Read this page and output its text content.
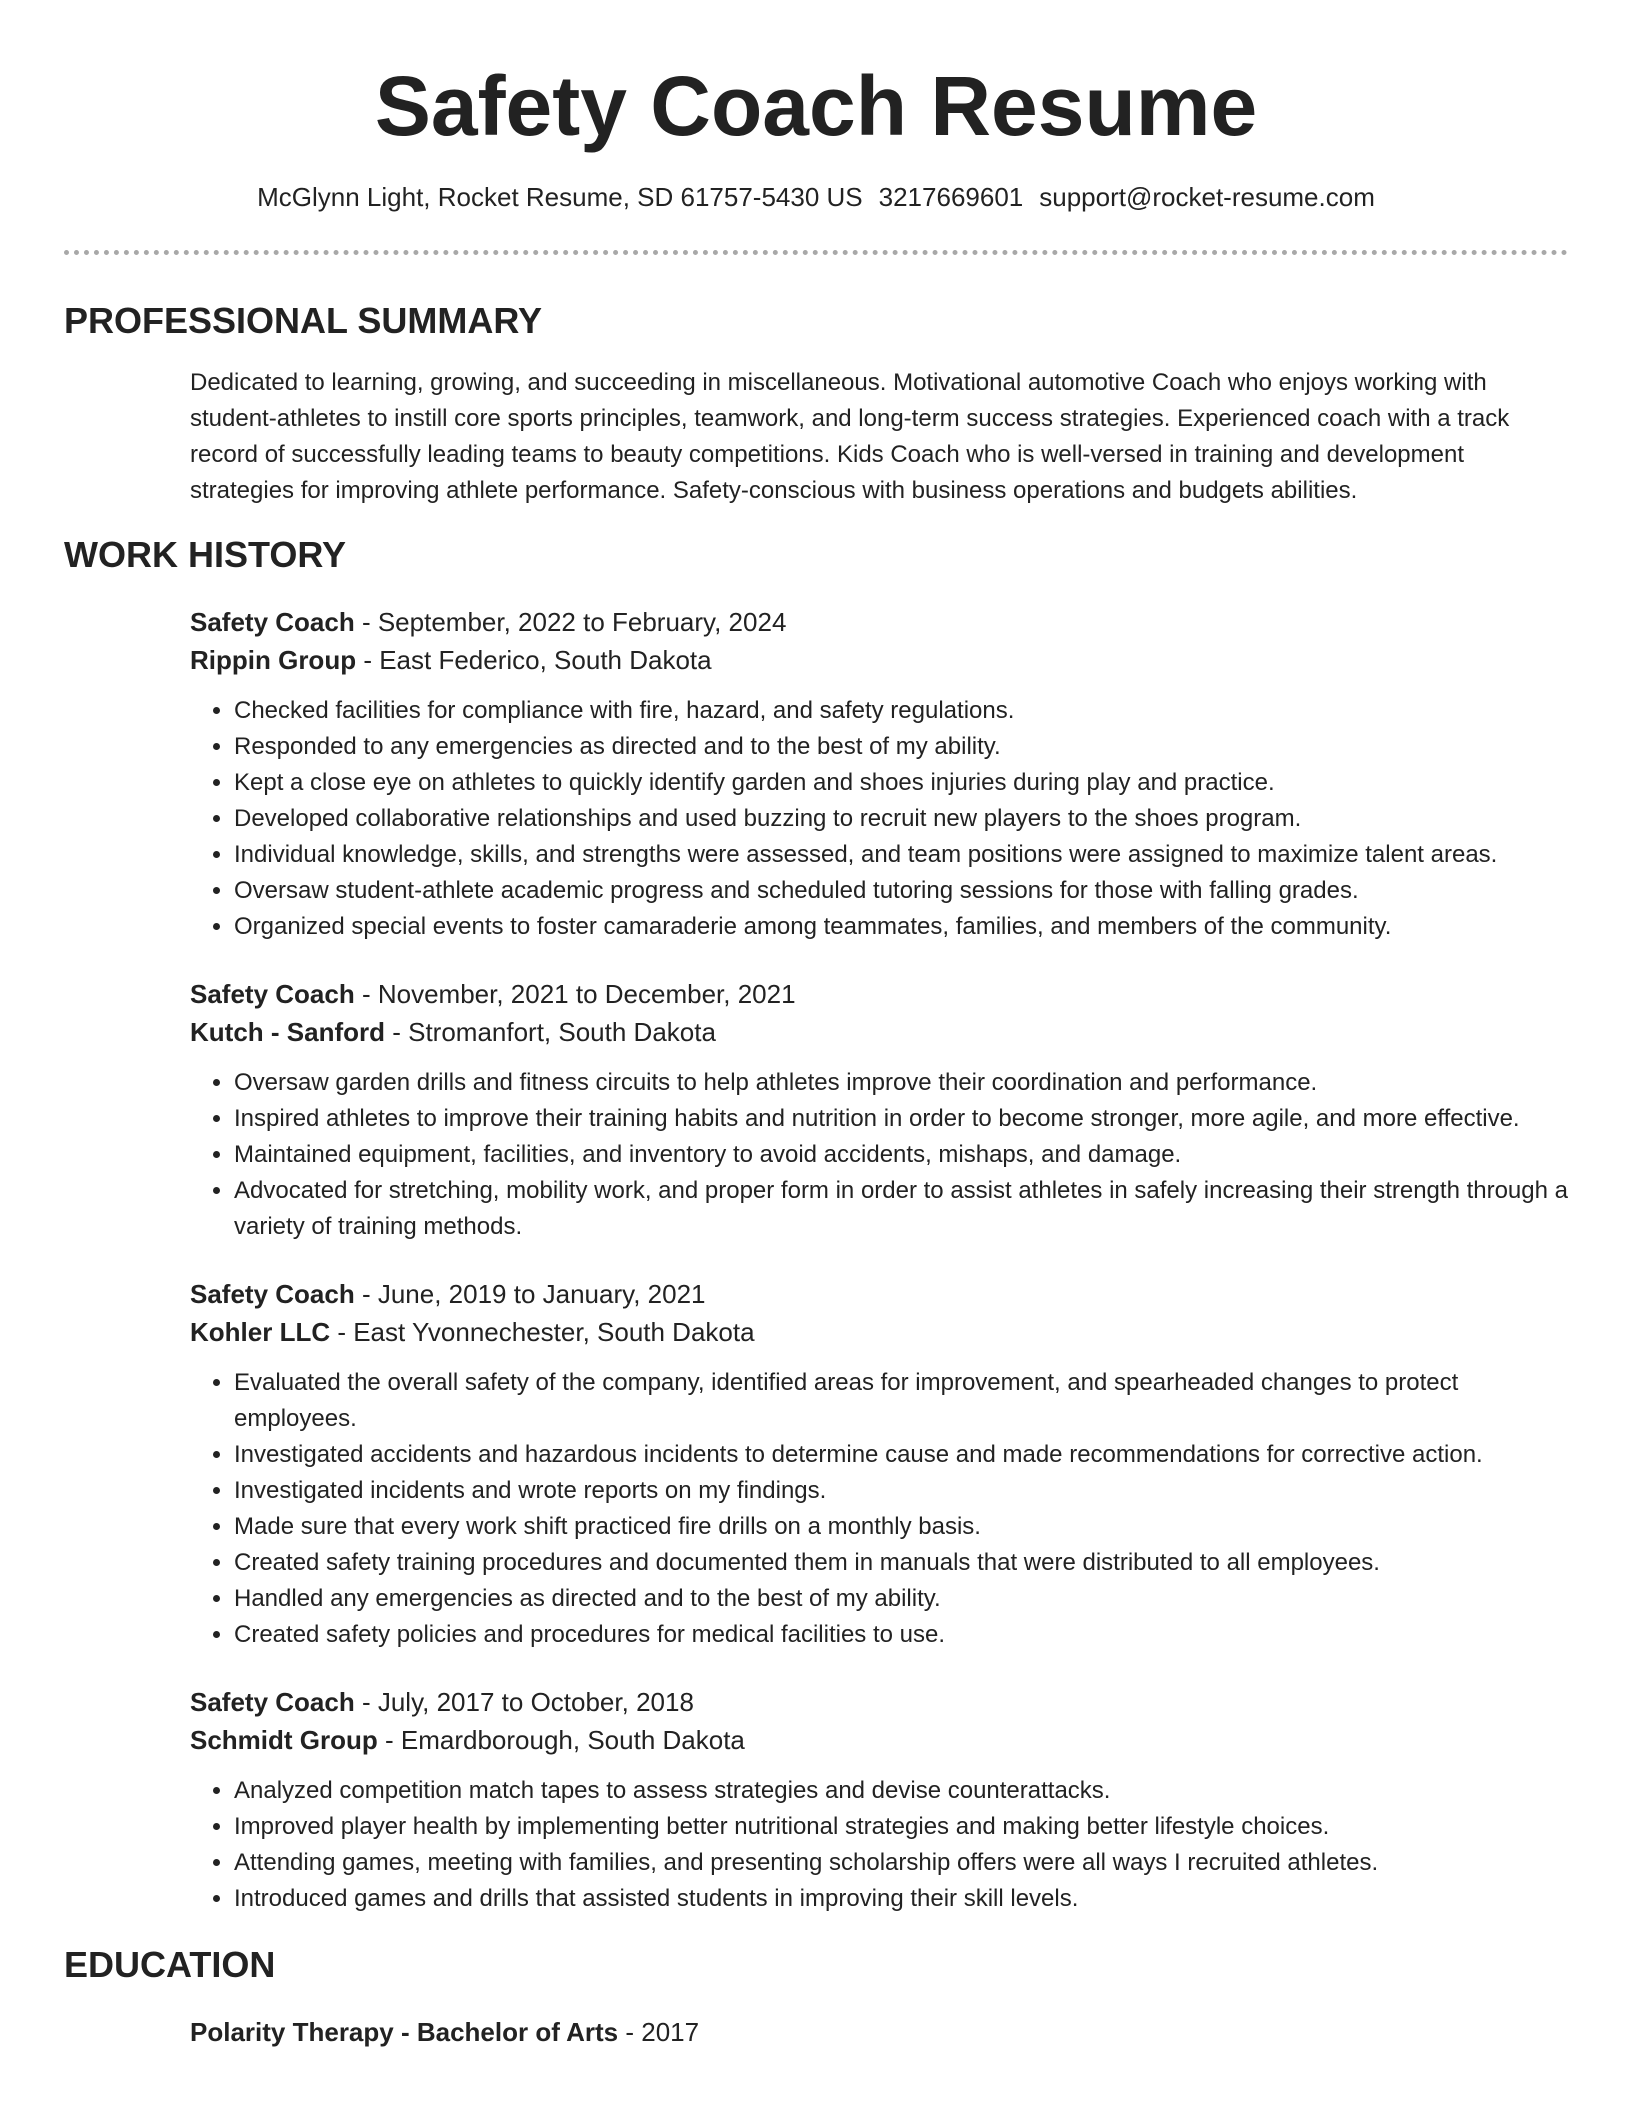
Safety Coach Resume
McGlynn Light, Rocket Resume, SD 61757-5430 US 3217669601 support@rocket-resume.com
PROFESSIONAL SUMMARY

Dedicated to learning, growing, and succeeding in miscellaneous. Motivational automotive Coach who enjoys working with student-athletes to instill core sports principles, teamwork, and long-term success strategies. Experienced coach with a track record of successfully leading teams to beauty competitions. Kids Coach who is well-versed in training and development strategies for improving athlete performance. Safety-conscious with business operations and budgets abilities.

WORK HISTORY
Safety Coach - September, 2022 to February, 2024
Rippin Group - East Federico, South Dakota
• Checked facilities for compliance with fire, hazard, and safety regulations.
• Responded to any emergencies as directed and to the best of my ability.
• Kept a close eye on athletes to quickly identify garden and shoes injuries during play and practice.
• Developed collaborative relationships and used buzzing to recruit new players to the shoes program.
• Individual knowledge, skills, and strengths were assessed, and team positions were assigned to maximize talent areas.
• Oversaw student-athlete academic progress and scheduled tutoring sessions for those with falling grades.
• Organized special events to foster camaraderie among teammates, families, and members of the community.
Safety Coach - November, 2021 to December, 2021
Kutch - Sanford - Stromanfort, South Dakota
• Oversaw garden drills and fitness circuits to help athletes improve their coordination and performance.
• Inspired athletes to improve their training habits and nutrition in order to become stronger, more agile, and more effective.
• Maintained equipment, facilities, and inventory to avoid accidents, mishaps, and damage.
• Advocated for stretching, mobility work, and proper form in order to assist athletes in safely increasing their strength through a variety of training methods.
Safety Coach - June, 2019 to January, 2021
Kohler LLC - East Yvonnechester, South Dakota
• Evaluated the overall safety of the company, identified areas for improvement, and spearheaded changes to protect employees.
• Investigated accidents and hazardous incidents to determine cause and made recommendations for corrective action.
• Investigated incidents and wrote reports on my findings.
• Made sure that every work shift practiced fire drills on a monthly basis.
• Created safety training procedures and documented them in manuals that were distributed to all employees.
• Handled any emergencies as directed and to the best of my ability.
• Created safety policies and procedures for medical facilities to use.
Safety Coach - July, 2017 to October, 2018
Schmidt Group - Emardborough, South Dakota
• Analyzed competition match tapes to assess strategies and devise counterattacks.
• Improved player health by implementing better nutritional strategies and making better lifestyle choices.
• Attending games, meeting with families, and presenting scholarship offers were all ways I recruited athletes.
• Introduced games and drills that assisted students in improving their skill levels.
EDUCATION
Polarity Therapy - Bachelor of Arts - 2017
